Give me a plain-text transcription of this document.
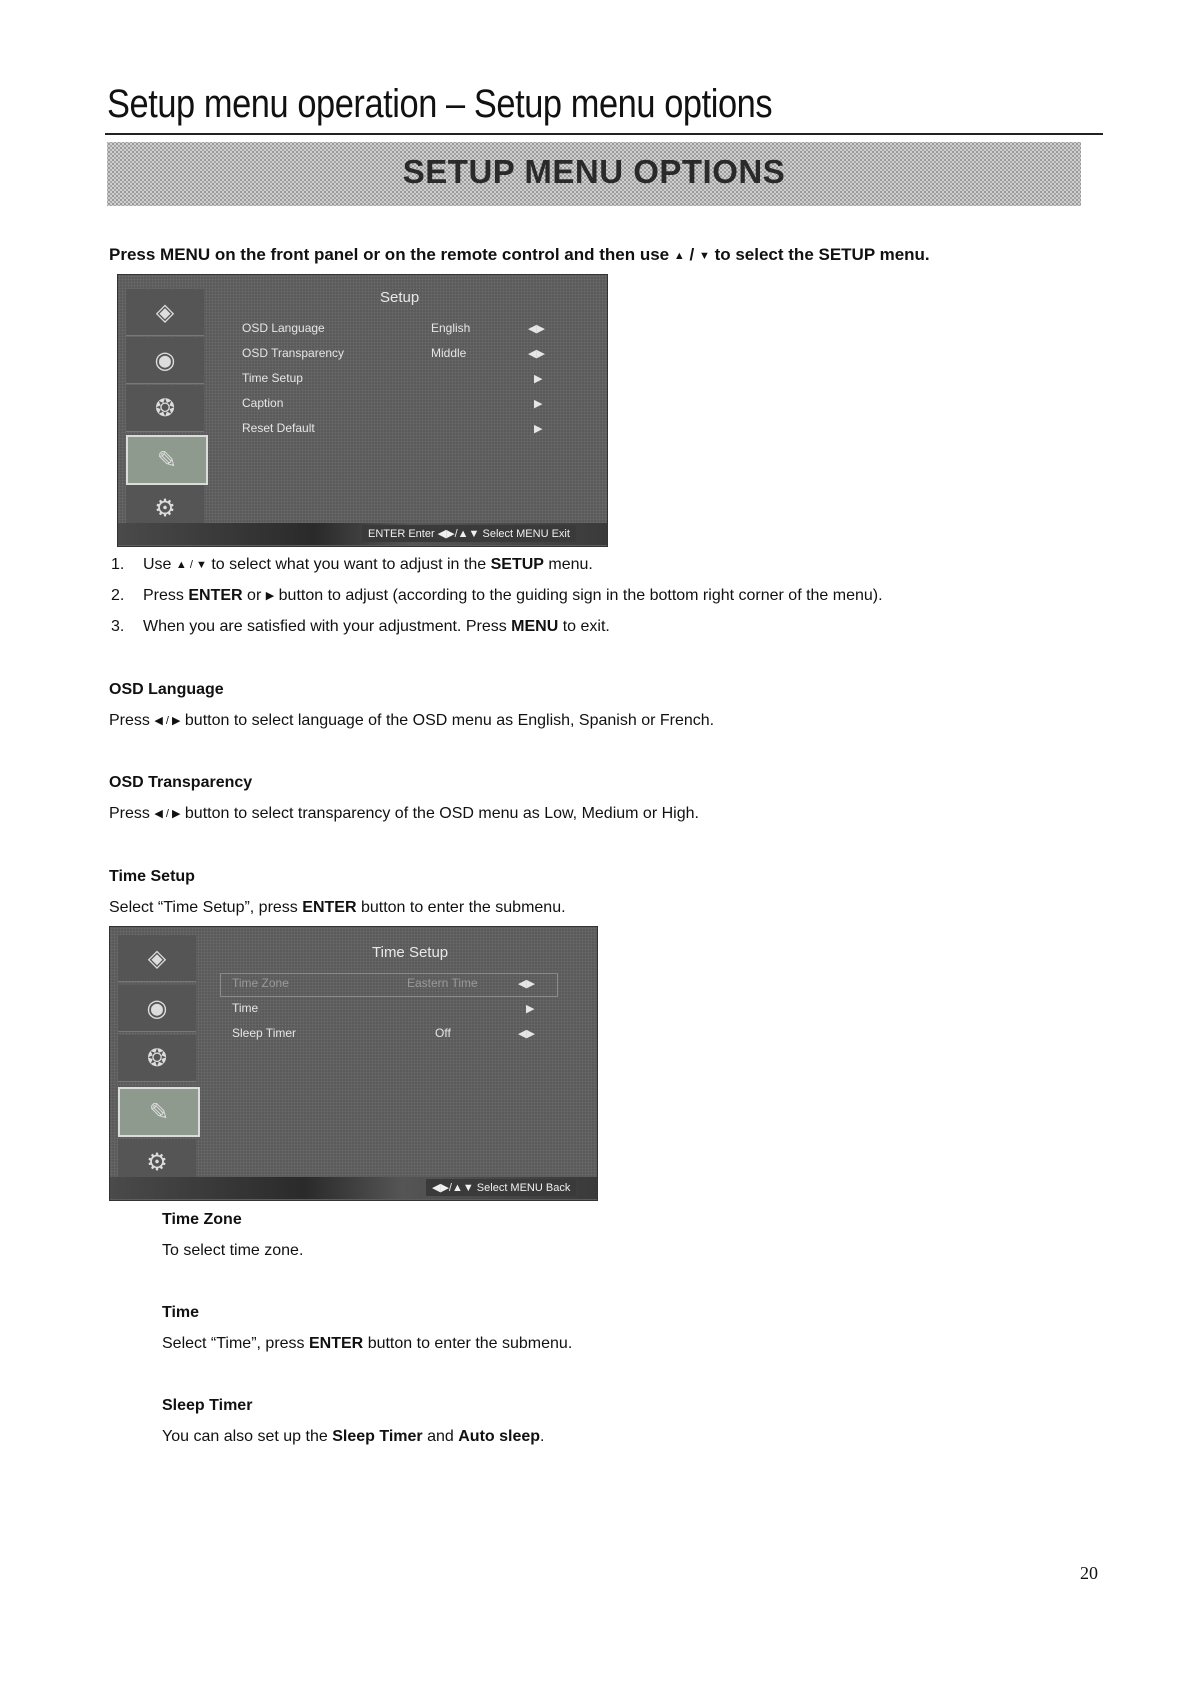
Setup menu operation – Setup menu options
SETUP MENU OPTIONS
Press MENU on the front panel or on the remote control and then use ▲ / ▼ to select the SETUP menu.
◈
◉
❂
✎
⚙
Setup
OSD Language	English	◀▶
OSD Transparency	Middle	◀▶
Time Setup	▶
Caption	▶
Reset Default	▶
ENTER Enter ◀▶/▲▼ Select MENU Exit
1. Use ▲ / ▼ to select what you want to adjust in the SETUP menu.
2. Press ENTER or ▶ button to adjust (according to the guiding sign in the bottom right corner of the menu).
3. When you are satisfied with your adjustment. Press MENU to exit.
OSD Language
Press ◀ / ▶ button to select language of the OSD menu as English, Spanish or French.
OSD Transparency
Press ◀ / ▶ button to select transparency of the OSD menu as Low, Medium or High.
Time Setup
Select “Time Setup”, press ENTER button to enter the submenu.
◈
◉
❂
✎
⚙
Time Setup
Time Zone	Eastern Time	◀▶
Time	▶
Sleep Timer	Off	◀▶
◀▶/▲▼ Select MENU Back
Time Zone
To select time zone.
Time
Select “Time”, press ENTER button to enter the submenu.
Sleep Timer
You can also set up the Sleep Timer and Auto sleep.
20
